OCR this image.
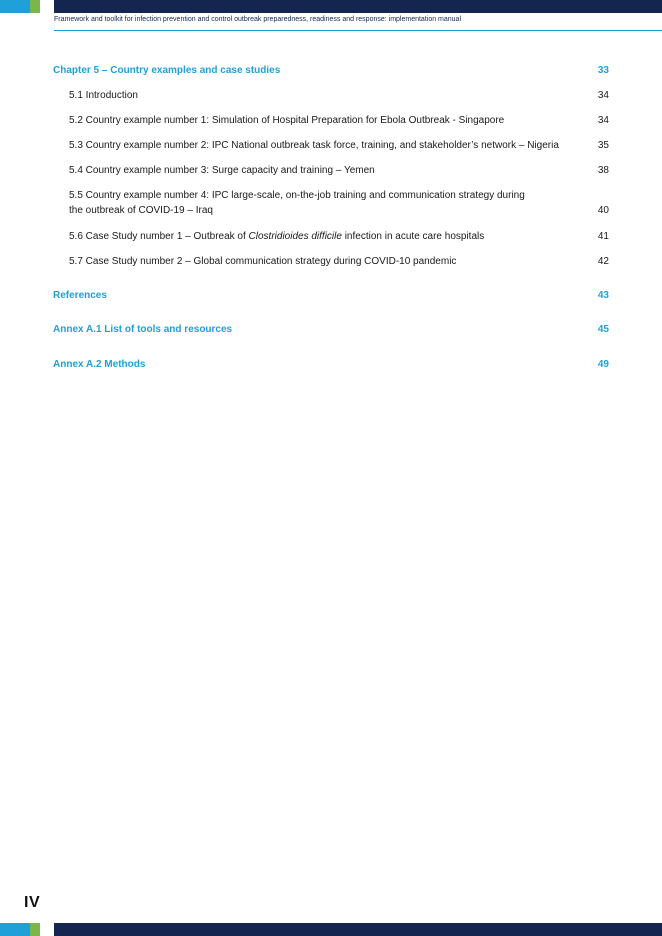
Framework and toolkit for infection prevention and control outbreak preparedness, readiness and response: implementation manual
Chapter 5 – Country examples and case studies	33
5.1 Introduction	34
5.2 Country example number 1: Simulation of Hospital Preparation for Ebola Outbreak - Singapore	34
5.3 Country example number 2: IPC National outbreak task force, training, and stakeholder’s network – Nigeria	35
5.4 Country example number 3: Surge capacity and training – Yemen	38
5.5 Country example number 4: IPC large-scale, on-the-job training and communication strategy during
the outbreak of COVID-19 – Iraq	40
5.6 Case Study number 1 – Outbreak of Clostridioides difficile infection in acute care hospitals	41
5.7 Case Study number 2 – Global communication strategy during COVID-10 pandemic	42
References	43
Annex A.1 List of tools and resources	45
Annex A.2 Methods	49
IV
